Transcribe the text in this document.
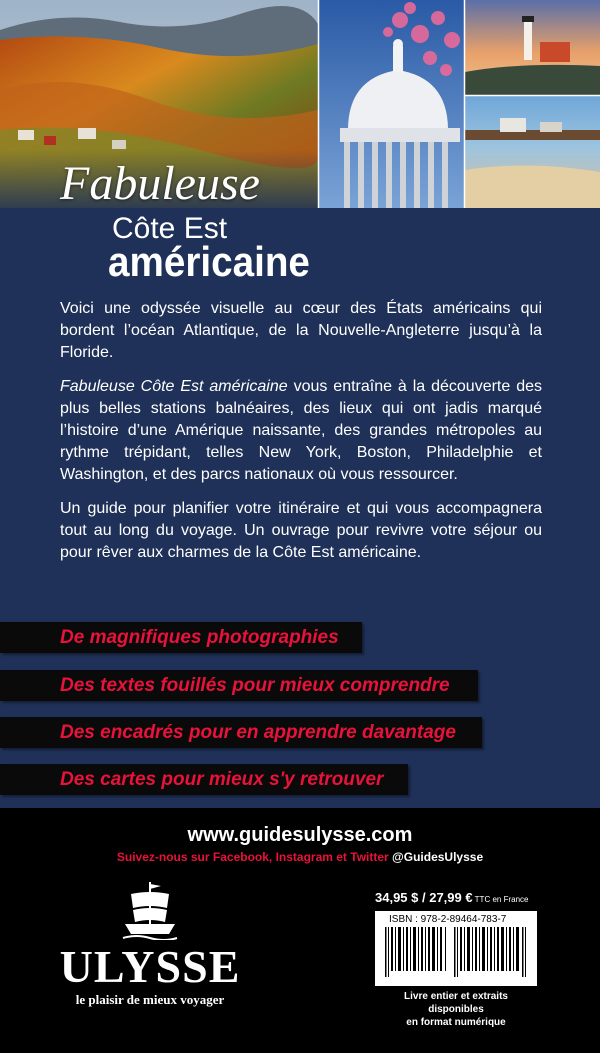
Fabuleuse
Côte Est
américaine

Voici une odyssée visuelle au cœur des États américains qui bordent l’océan Atlantique, de la Nouvelle-Angleterre jusqu’à la Floride.

Fabuleuse Côte Est américaine vous entraîne à la découverte des plus belles stations balnéaires, des lieux qui ont jadis marqué l’histoire d’une Amérique naissante, des grandes métropoles au rythme trépidant, telles New York, Boston, Philadelphie et Washington, et des parcs nationaux où vous ressourcer.

Un guide pour planifier votre itinéraire et qui vous accompagnera tout au long du voyage. Un ouvrage pour revivre votre séjour ou pour rêver aux charmes de la Côte Est américaine.

De magnifiques photographies
Des textes fouillés pour mieux comprendre
Des encadrés pour en apprendre davantage
Des cartes pour mieux s'y retrouver
www.guidesulysse.com
Suivez-nous sur Facebook, Instagram et Twitter @GuidesUlysse
ULYSSE
le plaisir de mieux voyager
34,95 $ / 27,99 € TTC en France
ISBN : 978-2-89464-783-7
Livre entier et extraits disponibles
en format numérique
